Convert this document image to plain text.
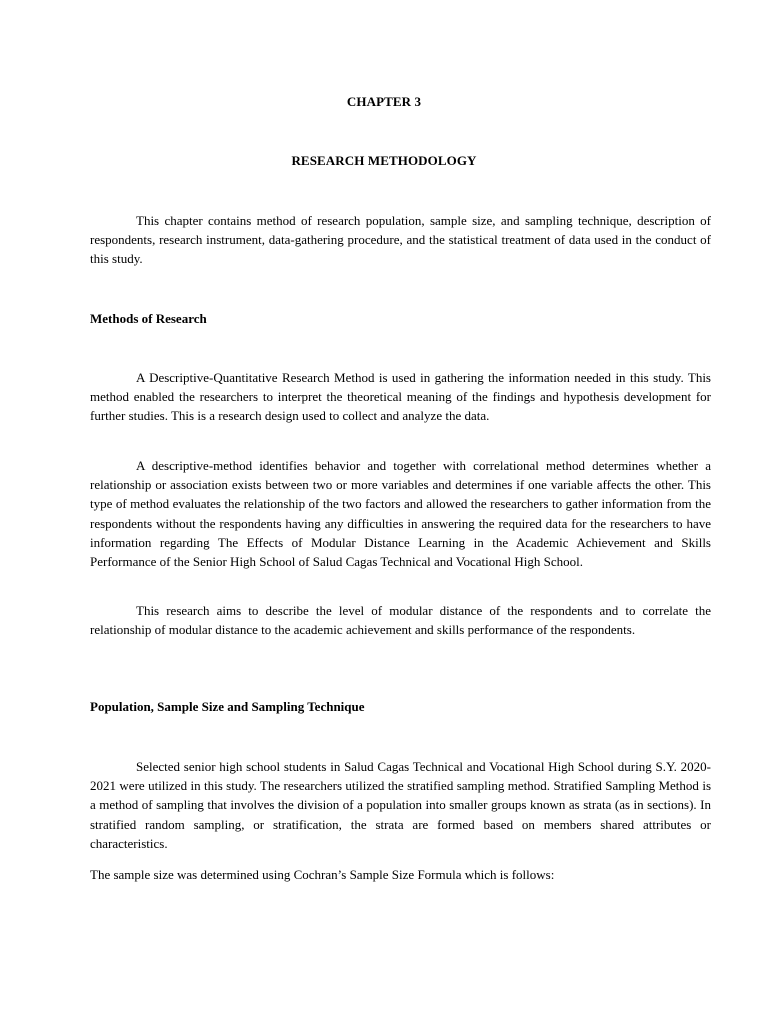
CHAPTER 3
RESEARCH METHODOLOGY

This chapter contains method of research population, sample size, and sampling technique, description of respondents, research instrument, data-gathering procedure, and the statistical treatment of data used in the conduct of this study.

Methods of Research

A Descriptive-Quantitative Research Method is used in gathering the information needed in this study. This method enabled the researchers to interpret the theoretical meaning of the findings and hypothesis development for further studies. This is a research design used to collect and analyze the data.

A descriptive-method identifies behavior and together with correlational method determines whether a relationship or association exists between two or more variables and determines if one variable affects the other. This type of method evaluates the relationship of the two factors and allowed the researchers to gather information from the respondents without the respondents having any difficulties in answering the required data for the researchers to have information regarding The Effects of Modular Distance Learning in the Academic Achievement and Skills Performance of the Senior High School of Salud Cagas Technical and Vocational High School.

This research aims to describe the level of modular distance of the respondents and to correlate the relationship of modular distance to the academic achievement and skills performance of the respondents.

Population, Sample Size and Sampling Technique

Selected senior high school students in Salud Cagas Technical and Vocational High School during S.Y. 2020-2021 were utilized in this study. The researchers utilized the stratified sampling method. Stratified Sampling Method is a method of sampling that involves the division of a population into smaller groups known as strata (as in sections). In stratified random sampling, or stratification, the strata are formed based on members shared attributes or characteristics.

The sample size was determined using Cochran’s Sample Size Formula which is follows:
